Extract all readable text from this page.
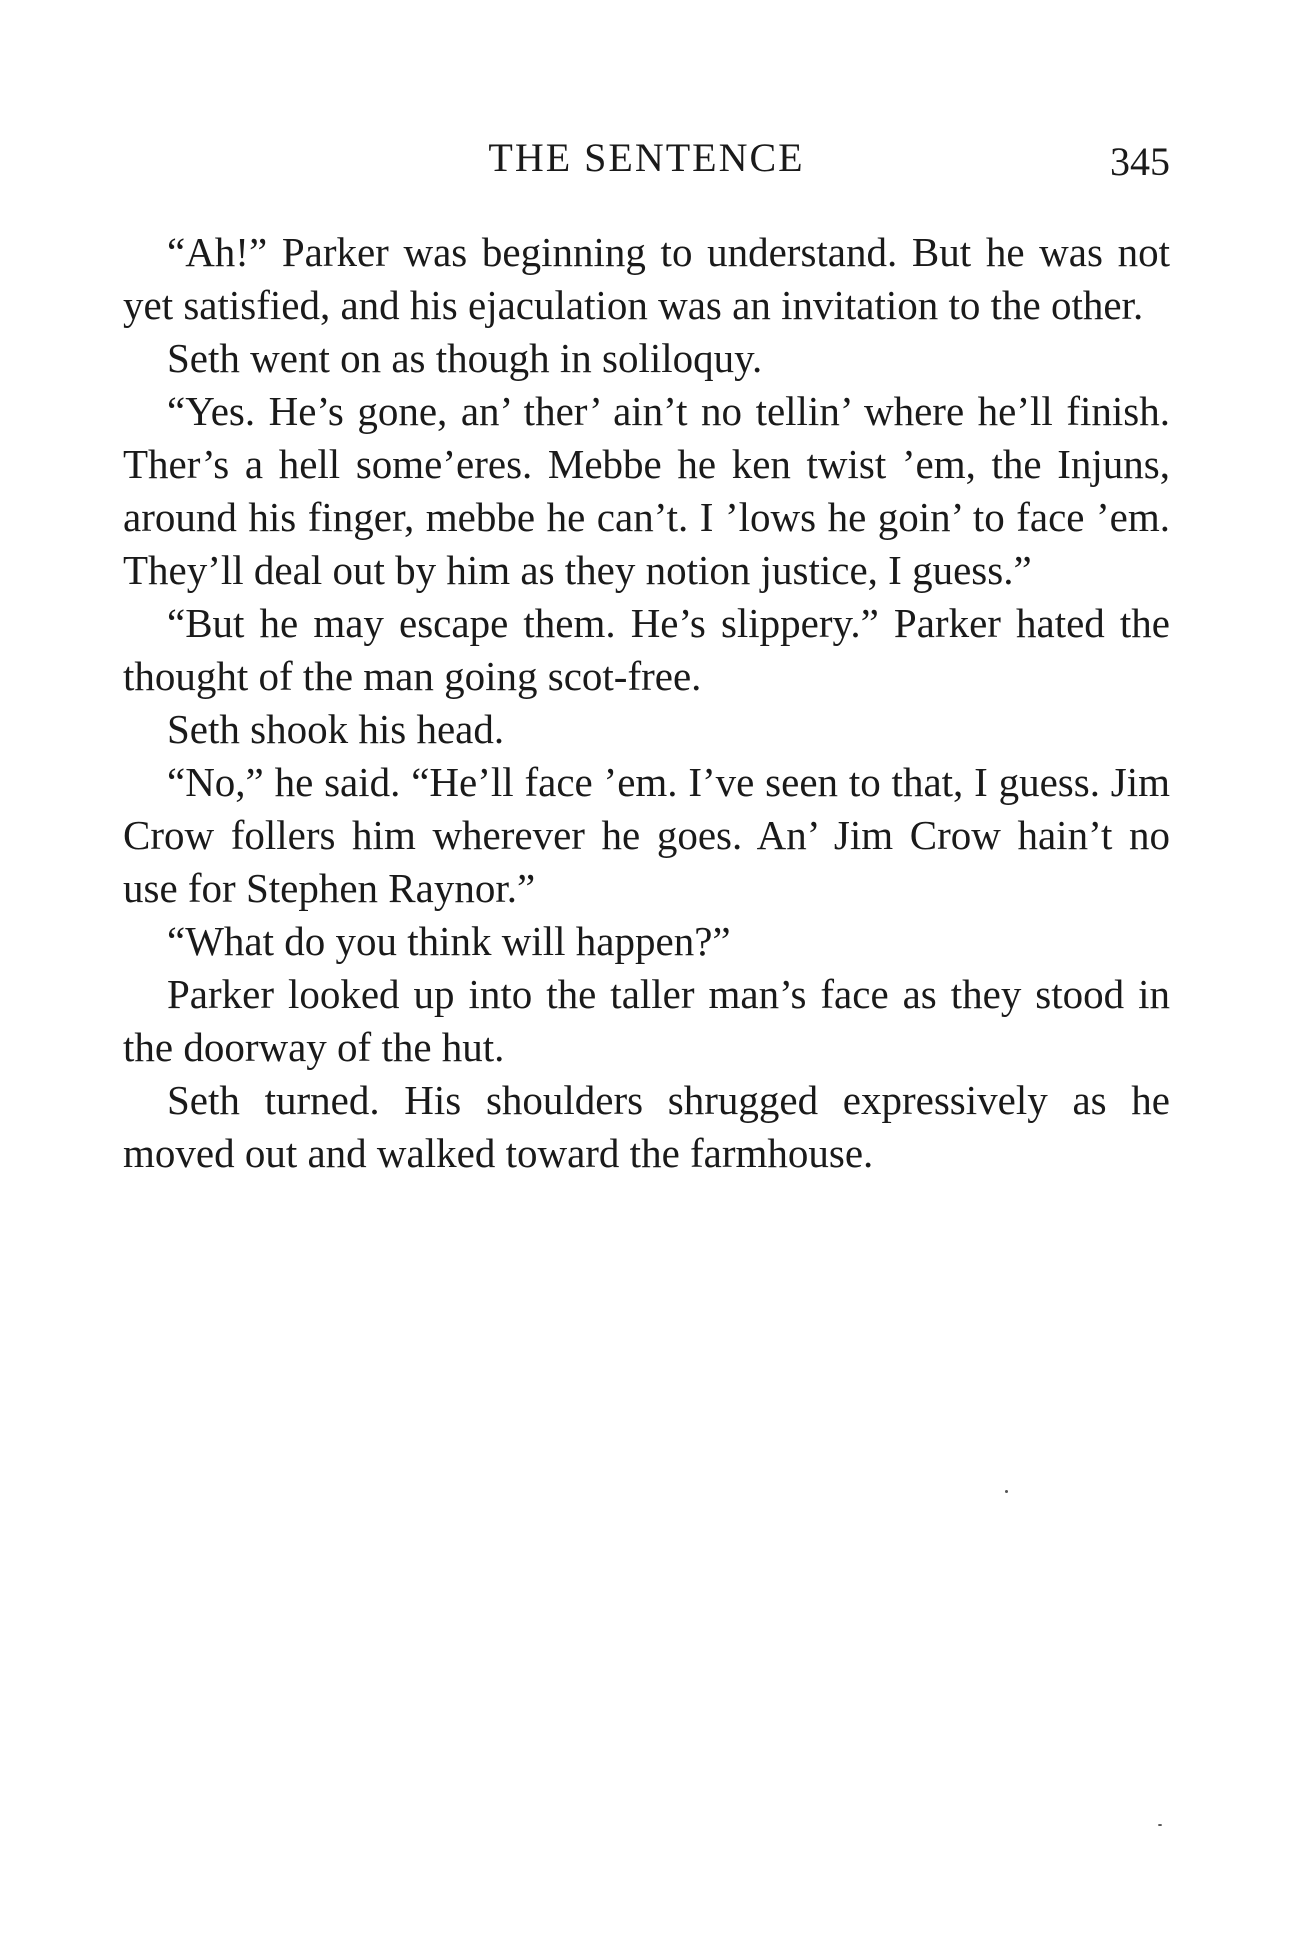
THE SENTENCE	345

“Ah!” Parker was beginning to understand. But he was not yet satisfied, and his ejaculation was an invitation to the other.

Seth went on as though in soliloquy.

“Yes. He’s gone, an’ ther’ ain’t no tellin’ where he’ll finish. Ther’s a hell some’eres. Mebbe he ken twist ’em, the Injuns, around his finger, mebbe he can’t. I ’lows he goin’ to face ’em. They’ll deal out by him as they notion justice, I guess.”

“But he may escape them. He’s slippery.” Parker hated the thought of the man going scot-free.

Seth shook his head.

“No,” he said. “He’ll face ’em. I’ve seen to that, I guess. Jim Crow follers him wherever he goes. An’ Jim Crow hain’t no use for Stephen Raynor.”

“What do you think will happen?”

Parker looked up into the taller man’s face as they stood in the doorway of the hut.

Seth turned. His shoulders shrugged expressively as he moved out and walked toward the farmhouse.
